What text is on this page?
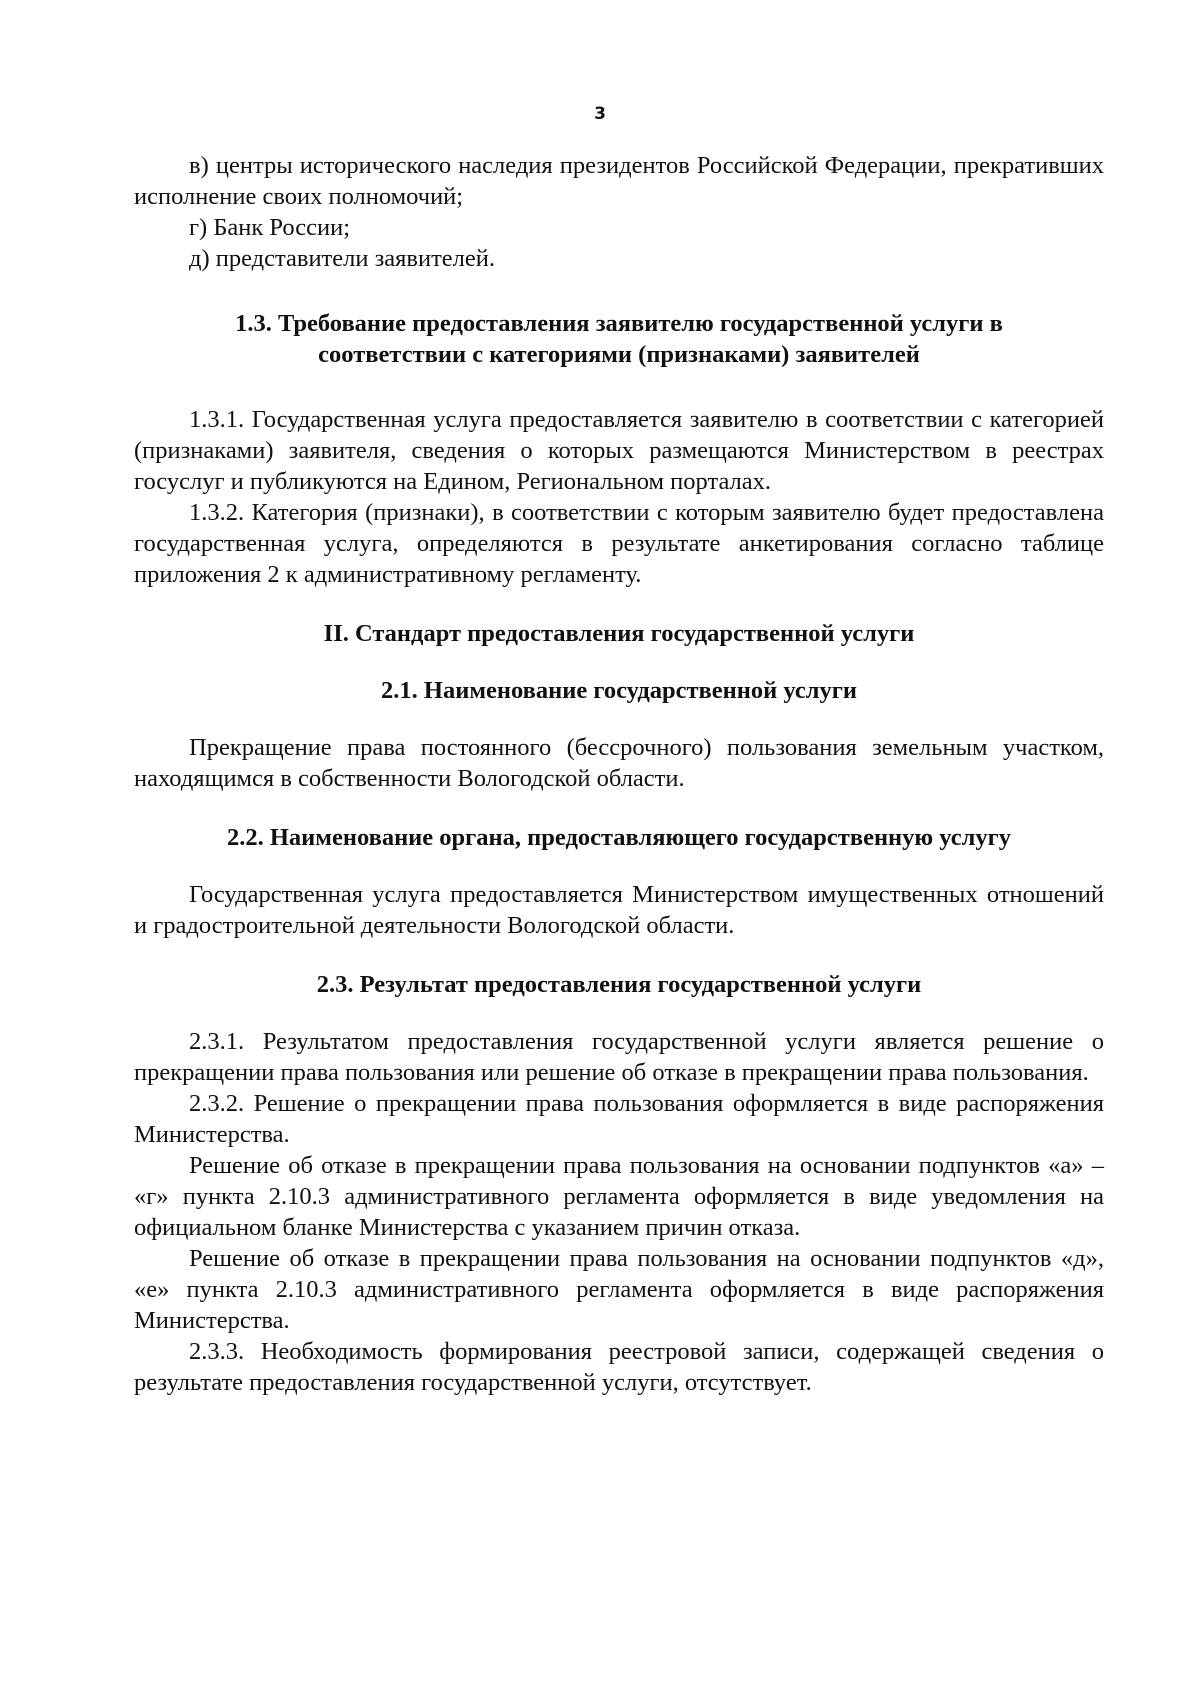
3

в) центры исторического наследия президентов Российской Федерации, прекративших исполнение своих полномочий;

г) Банк России;

д) представители заявителей.

1.3. Требование предоставления заявителю государственной услуги в
соответствии с категориями (признаками) заявителей

1.3.1. Государственная услуга предоставляется заявителю в соответствии с категорией (признаками) заявителя, сведения о которых размещаются Министерством в реестрах госуслуг и публикуются на Едином, Региональном порталах.

1.3.2. Категория (признаки), в соответствии с которым заявителю будет предоставлена государственная услуга, определяются в результате анкетирования согласно таблице приложения 2 к административному регламенту.

II. Стандарт предоставления государственной услуги
2.1. Наименование государственной услуги

Прекращение права постоянного (бессрочного) пользования земельным участком, находящимся в собственности Вологодской области.

2.2. Наименование органа, предоставляющего государственную услугу

Государственная услуга предоставляется Министерством имущественных отношений и градостроительной деятельности Вологодской области.

2.3. Результат предоставления государственной услуги

2.3.1. Результатом предоставления государственной услуги является решение о прекращении права пользования или решение об отказе в прекращении права пользования.

2.3.2. Решение о прекращении права пользования оформляется в виде распоряжения Министерства.

Решение об отказе в прекращении права пользования на основании подпунктов «а» – «г» пункта 2.10.3 административного регламента оформляется в виде уведомления на официальном бланке Министерства с указанием причин отказа.

Решение об отказе в прекращении права пользования на основании подпунктов «д», «е» пункта 2.10.3 административного регламента оформляется в виде распоряжения Министерства.

2.3.3. Необходимость формирования реестровой записи, содержащей сведения о результате предоставления государственной услуги, отсутствует.
